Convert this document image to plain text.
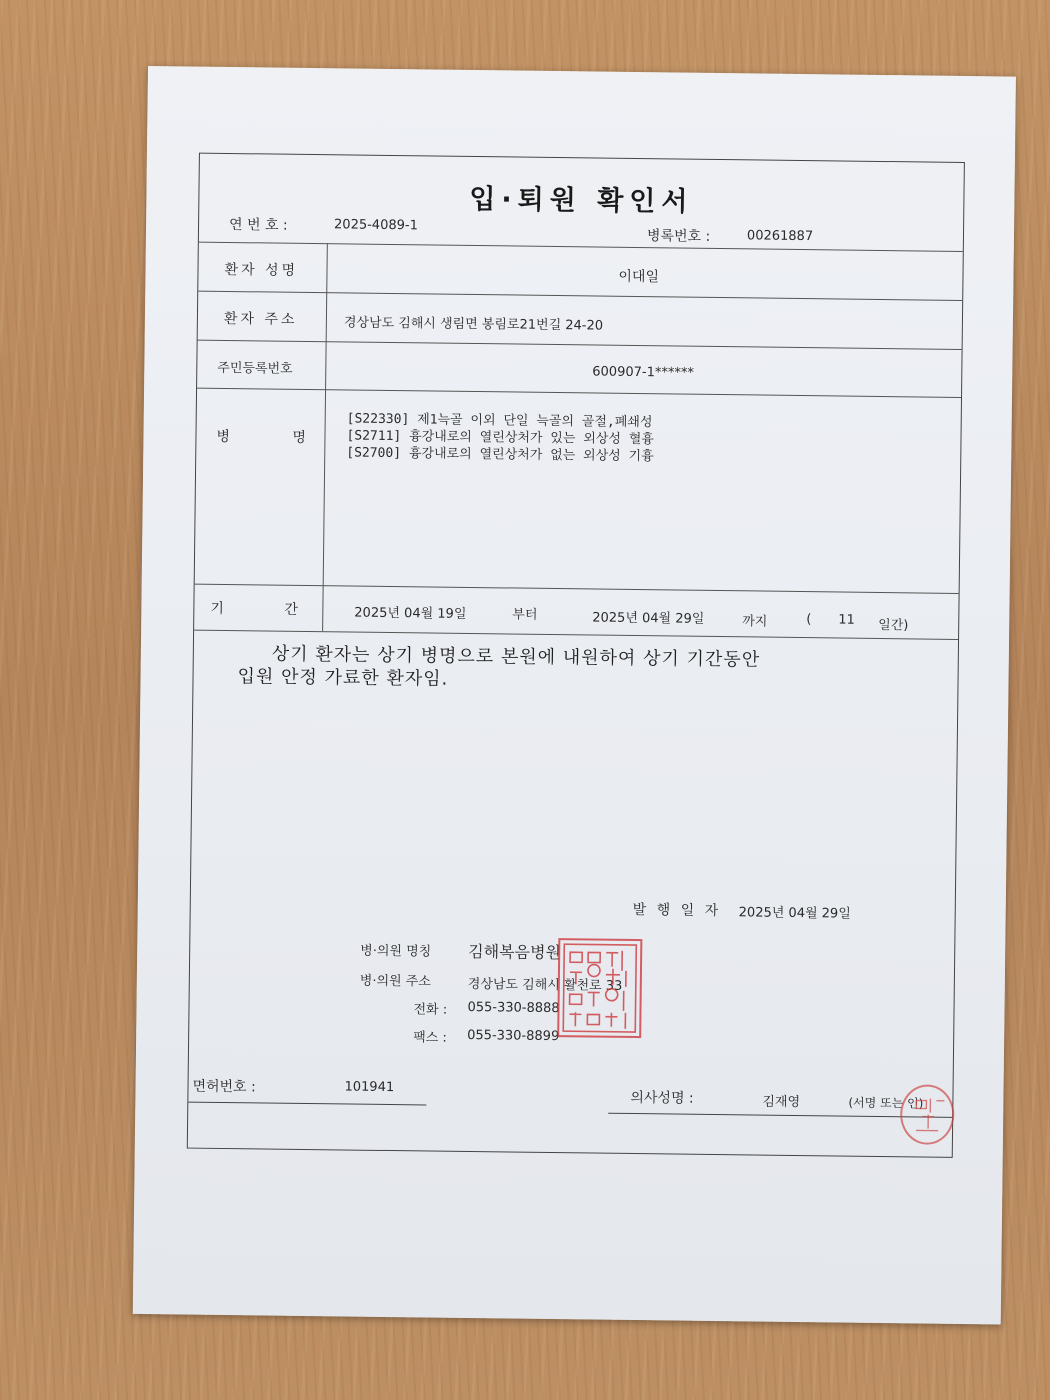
입·퇴원 확인서
연 번 호 :	2025-4089-1
병록번호 :	00261887
환자 성명	이대일
환자 주소	경상남도 김해시 생림면 봉림로21번길 24-20
주민등록번호	600907-1******
병	명
[S22330] 제1늑골 이외 단일 늑골의 골절,폐쇄성
[S2711] 흉강내로의 열린상처가 있는 외상성 혈흉
[S2700] 흉강내로의 열린상처가 없는 외상성 기흉
기	간	2025년 04월 19일	부터	2025년 04월 29일	까지	( 11 일간)
상기 환자는 상기 병명으로 본원에 내원하여 상기 기간동안
입원 안정 가료한 환자임.
발 행 일 자 2025년 04월 29일
병·의원 명칭 김해복음병원
병·의원 주소	경상남도 김해시 활천로 33
전화 : 055-330-8888
팩스 : 055-330-8899
면허번호 :	101941
의사성명 :	김재영	(서명 또는 인)
